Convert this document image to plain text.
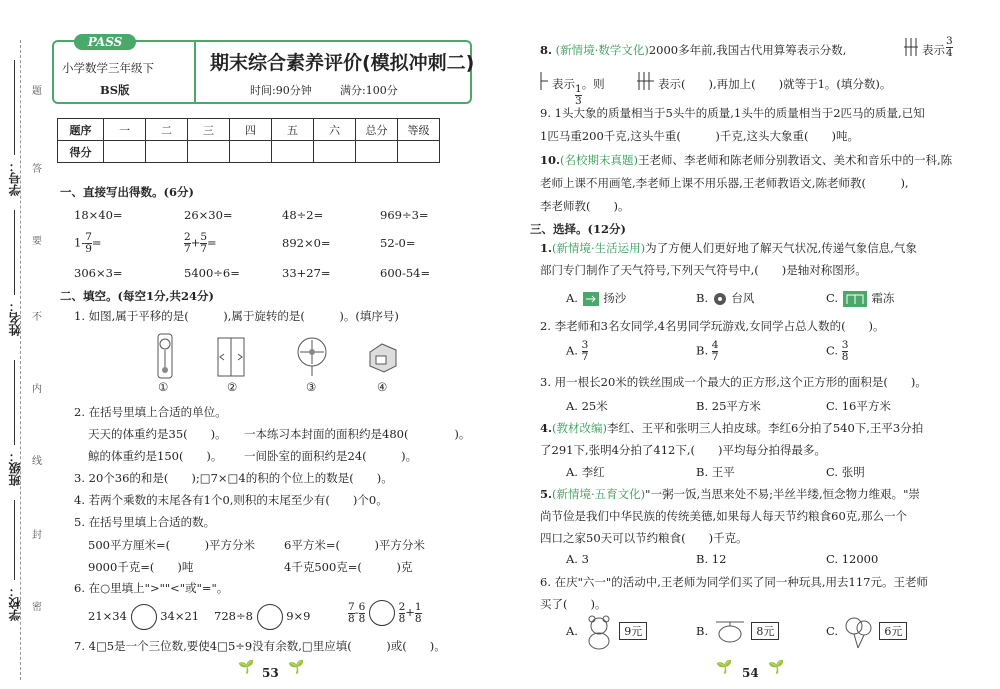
学号：
姓名：
班级：
学校：
题
答
要
不
内
线
封
密
PASS
小学数学三年级下
BS版
期末综合素养评价(模拟冲刺二)
时间:90分钟	满分:100分
题序	一	二	三	四	五	六	总分	等级
得分								
一、直接写出得数。(6分)
18×40=	26×30=	48÷2=	969÷3=
$1- \frac{7}{9}$ =	$\frac{2}{7} + \frac{5}{7}$ =	892×0=	52-0=
306×3=	5400÷6=	33+27=	600-54=
二、填空。(每空1分,共24分)
1. 如图,属于平移的是(　　　),属于旋转的是(　　　)。(填序号)
①	②	③	④
2. 在括号里填上合适的单位。
天天的体重约是35(　　)。 一本练习本封面的面积约是480(　　　　)。
鲸的体重约是150(　　)。 一间卧室的面积约是24(　　　)。
3. 20个36的和是(　　);□7×□4的积的个位上的数是(　　)。
4. 若两个乘数的末尾各有1个0,则积的末尾至少有(　　)个0。
5. 在括号里填上合适的数。
500平方厘米=(　　　)平方分米	6平方米=(　　　)平方分米
9000千克=(　　)吨	4千克500克=(　　　)克
6. 在○里填上">""<"或"="。
21×34	34×21 728÷8	9×9	$\frac{7}{8} - \frac{6}{8}$
	$\frac{2}{8} + \frac{1}{8}$
7. 4□5是一个三位数,要使4□5÷9没有余数,□里应填(　　　)或(　　)。
🌱 53 🌱
8. (新情境·数学文化)2000多年前,我国古代用算筹表示分数,	表示 $\frac{3}{4}$
表示 $\frac{1}{3}$ 。则	表示(　　),再加上(　　)就等于1。(填分数)。
9. 1头大象的质量相当于5头牛的质量,1头牛的质量相当于2匹马的质量,已知
1匹马重200千克,这头牛重(　　　)千克,这头大象重(　　)吨。
10.(名校期末真题)王老师、李老师和陈老师分别教语文、美术和音乐中的一科,陈
老师上课不用画笔,李老师上课不用乐器,王老师教语文,陈老师教(　　　),
李老师教(　　)。
三、选择。(12分)
1.(新情境·生活运用)为了方便人们更好地了解天气状况,传递气象信息,气象
部门专门制作了天气符号,下列天气符号中,(　　)是轴对称图形。
A. 扬沙	B. 台风	C.	霜冻
2. 李老师和3名女同学,4名男同学玩游戏,女同学占总人数的(　　)。
A. $\frac{3}{7}$	B. $\frac{4}{7}$	C. $\frac{3}{8}$
3. 用一根长20米的铁丝围成一个最大的正方形,这个正方形的面积是(　　)。
A. 25米	B. 25平方米	C. 16平方米
4.(教材改编)李红、王平和张明三人拍皮球。李红6分拍了540下,王平3分拍
了291下,张明4分拍了412下,(　　)平均每分拍得最多。
A. 李红	B. 王平	C. 张明
5.(新情境·五育文化)"一粥一饭,当思来处不易;半丝半缕,恒念物力维艰。"崇
尚节俭是我们中华民族的传统美德,如果每人每天节约粮食60克,那么一个
四口之家50天可以节约粮食(　　)千克。
A. 3	B. 12	C. 12000
6. 在庆"六一"的活动中,王老师为同学们买了同一种玩具,用去117元。王老师
买了(　　)。
A.	9元	B.	8元	C.	6元
🌱 54 🌱
